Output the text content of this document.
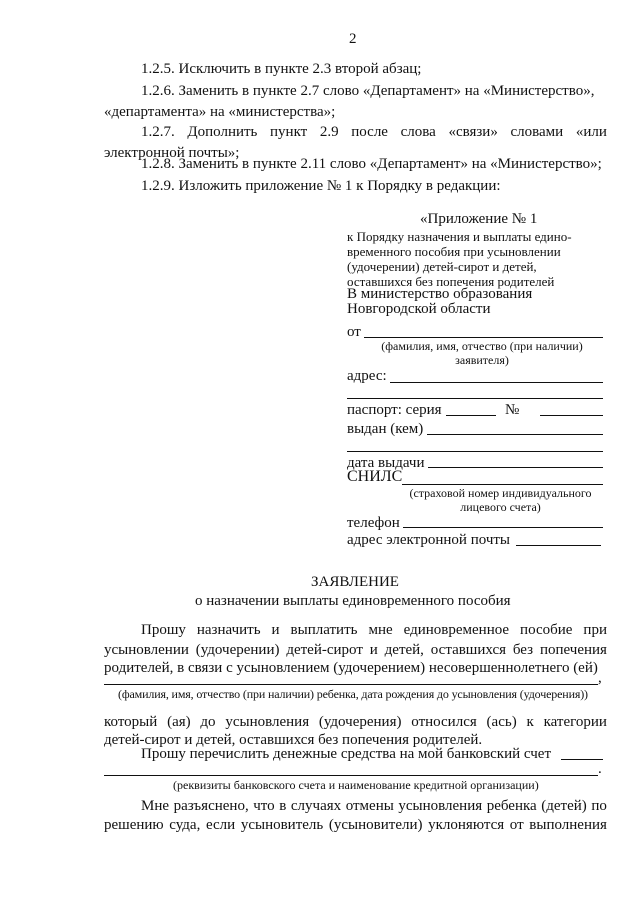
2
1.2.5. Исключить в пункте 2.3 второй абзац;
1.2.6. Заменить в пункте 2.7 слово «Департамент» на «Министерство»,
«департамента» на «министерства»;
1.2.7. Дополнить пункт 2.9 после слова «связи» словами «или
электронной почты»;
1.2.8. Заменить в пункте 2.11 слово «Департамент» на «Министерство»;
1.2.9. Изложить приложение № 1 к Порядку в редакции:
«Приложение № 1
к Порядку назначения и выплаты едино-
временного пособия при усыновлении
(удочерении) детей-сирот и детей,
оставшихся без попечения родителей
В министерство образования
Новгородской области
от
(фамилия, имя, отчество (при наличии)
заявителя)
адрес:
паспорт: серия	№
выдан (кем)
дата выдачи
СНИЛС
(страховой номер индивидуального
лицевого счета)
телефон
адрес электронной почты
ЗАЯВЛЕНИЕ
о назначении выплаты единовременного пособия
Прошу назначить и выплатить мне единовременное пособие при
усыновлении (удочерении) детей-сирот и детей, оставшихся без попечения
родителей, в связи с усыновлением (удочерением) несовершеннолетнего (ей)
,
(фамилия, имя, отчество (при наличии) ребенка, дата рождения до усыновления (удочерения))
который (ая) до усыновления (удочерения) относился (ась) к категории
детей-сирот и детей, оставшихся без попечения родителей.
Прошу перечислить денежные средства на мой банковский счет
.
(реквизиты банковского счета и наименование кредитной организации)
Мне разъяснено, что в случаях отмены усыновления ребенка (детей) по
решению суда, если усыновитель (усыновители) уклоняются от выполнения
